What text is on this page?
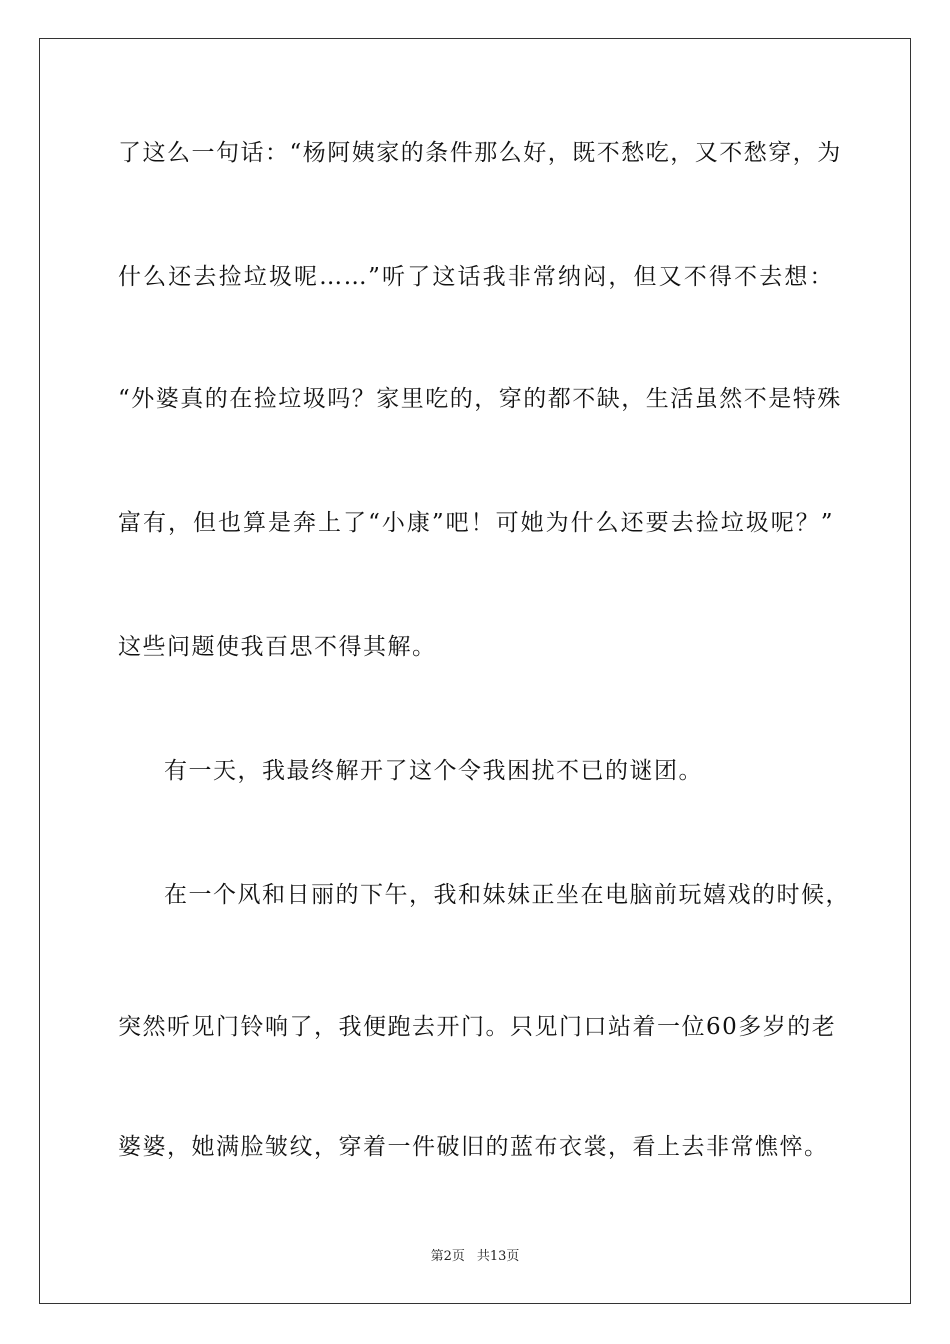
了这么一句话：“杨阿姨家的条件那么好，既不愁吃，又不愁穿，为
什么还去捡垃圾呢……”听了这话我非常纳闷，但又不得不去想：
“外婆真的在捡垃圾吗？家里吃的，穿的都不缺，生活虽然不是特殊
富有，但也算是奔上了“小康”吧！可她为什么还要去捡垃圾呢？”
这些问题使我百思不得其解。
有一天，我最终解开了这个令我困扰不已的谜团。
在一个风和日丽的下午，我和妹妹正坐在电脑前玩嬉戏的时候，
突然听见门铃响了，我便跑去开门。只见门口站着一位60多岁的老
婆婆，她满脸皱纹，穿着一件破旧的蓝布衣裳，看上去非常憔悴。
第2页 共13页
